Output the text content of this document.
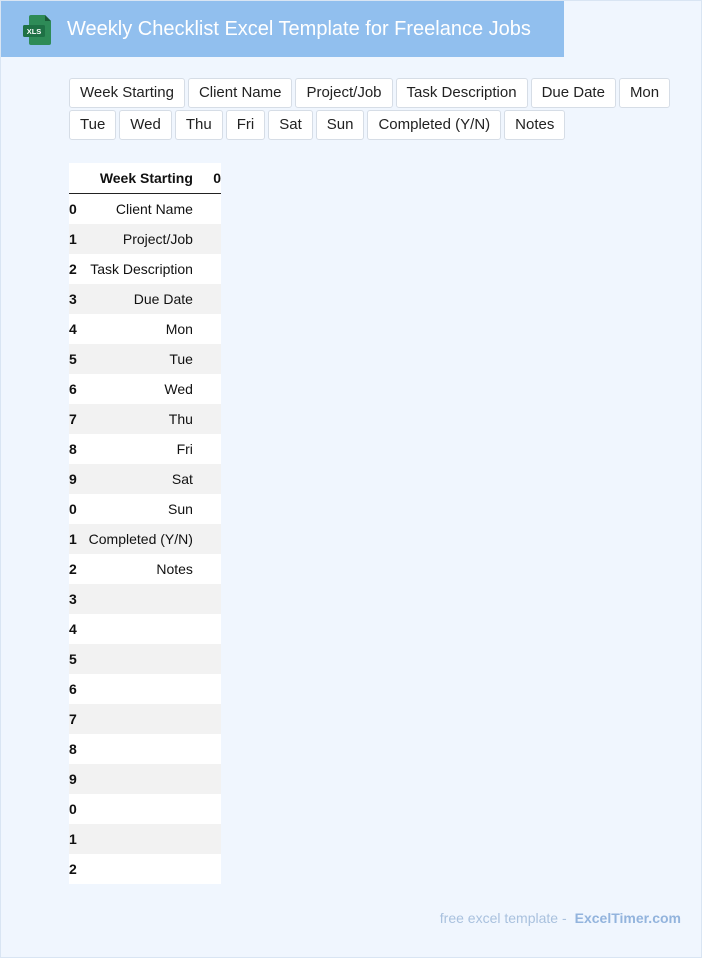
XLS Weekly Checklist Excel Template for Freelance Jobs
Week Starting	Client Name	Project/Job	Task Description	Due Date	Mon
Tue	Wed	Thu	Fri	Sat	Sun	Completed (Y/N)	Notes
	Week Starting	0
0	Client Name	
1	Project/Job	
2	Task Description	
3	Due Date	
4	Mon	
5	Tue	
6	Wed	
7	Thu	
8	Fri	
9	Sat	
0	Sun	
1	Completed (Y/N)	
2	Notes	
3		
4		
5		
6		
7		
8		
9		
0		
1		
2		
free excel template - ExcelTimer.com
